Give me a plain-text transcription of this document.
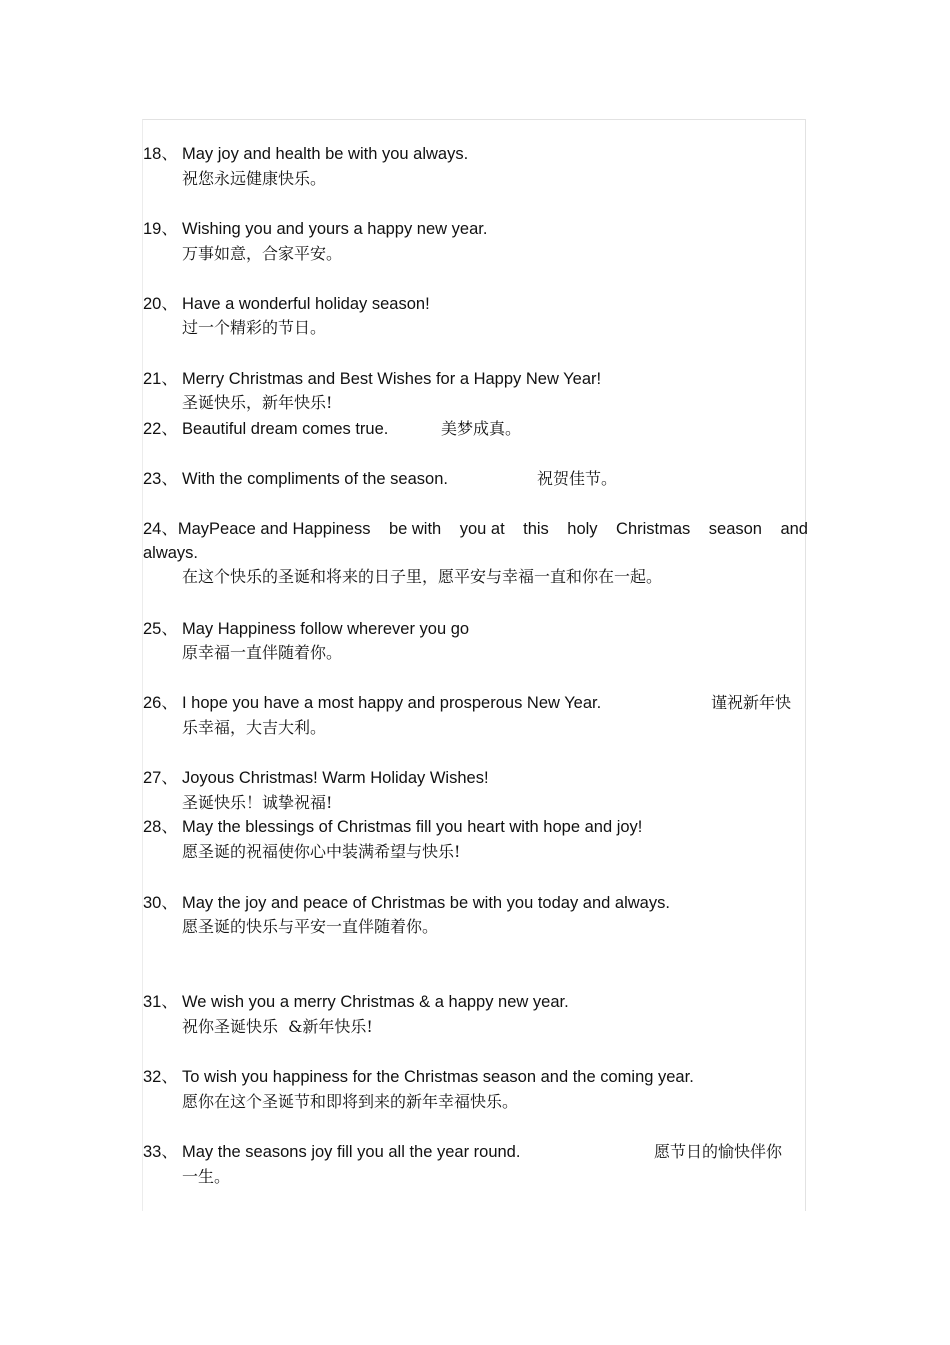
18、 May joy and health be with you always.
祝您永远健康快乐。
19、 Wishing you and yours a happy new year.
万事如意，合家平安。
20、 Have a wonderful holiday season!
过一个精彩的节日。
21、 Merry Christmas and Best Wishes for a Happy New Year!
圣诞快乐，新年快乐!
22、 Beautiful dream comes true.	美梦成真。
23、 With the compliments of the season.	祝贺佳节。
24、MayPeace and Happiness be with you at this holy Christmas season and
always.
在这个快乐的圣诞和将来的日子里，愿平安与幸福一直和你在一起。
25、 May Happiness follow wherever you go
原幸福一直伴随着你。
26、 I hope you have a most happy and prosperous New Year.	谨祝新年快
乐幸福，大吉大利。
27、 Joyous Christmas! Warm Holiday Wishes!
圣诞快乐！诚挚祝福!
28、 May the blessings of Christmas fill you heart with hope and joy!
愿圣诞的祝福使你心中装满希望与快乐!
30、 May the joy and peace of Christmas be with you today and always.
愿圣诞的快乐与平安一直伴随着你。
31、 We wish you a merry Christmas & a happy new year.
祝你圣诞快乐  &新年快乐!
32、 To wish you happiness for the Christmas season and the coming year.
愿你在这个圣诞节和即将到来的新年幸福快乐。
33、 May the seasons joy fill you all the year round.	愿节日的愉快伴你
一生。
